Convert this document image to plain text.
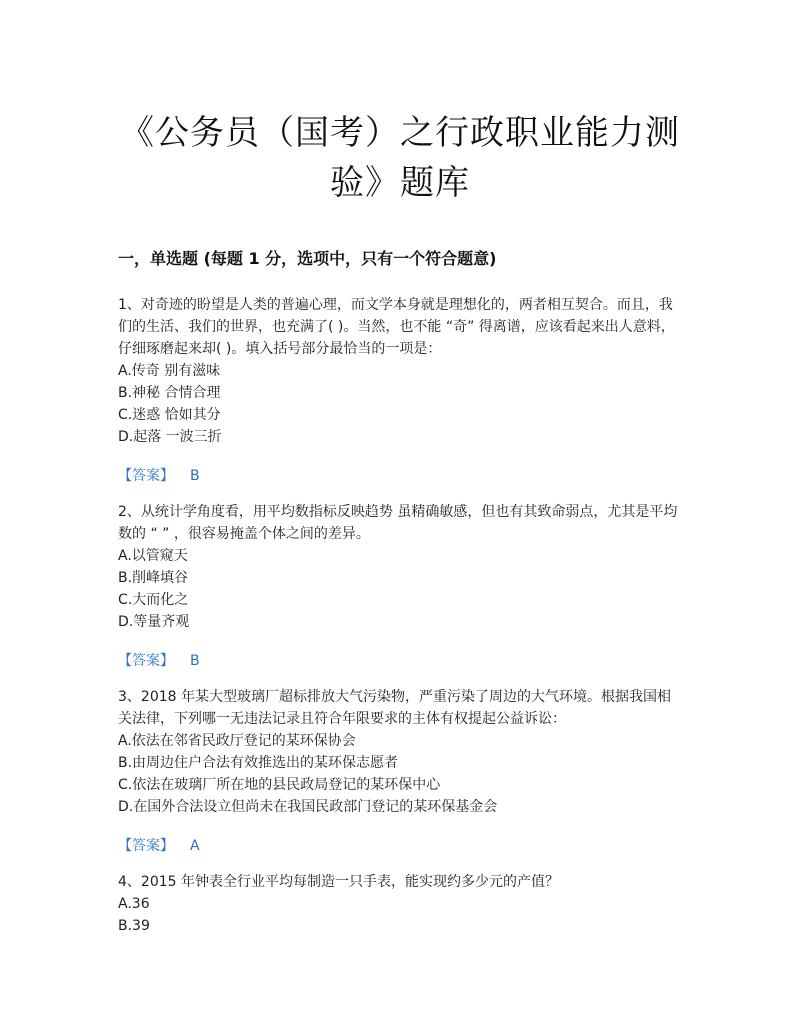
《公务员（国考）之行政职业能力测
验》题库
一，单选题 (每题 1 分，选项中，只有一个符合题意)

1、对奇迹的盼望是人类的普遍心理，而文学本身就是理想化的，两者相互契合。而且，我们的生活、我们的世界，也充满了( )。当然，也不能 “奇” 得离谱，应该看起来出人意料，仔细琢磨起来却( )。填入括号部分最恰当的一项是：

A.传奇 别有滋味

B.神秘 合情合理

C.迷惑 恰如其分

D.起落 一波三折

【答案】 B

2、从统计学角度看，用平均数指标反映趋势 虽精确敏感，但也有其致命弱点，尤其是平均数的 “ ” ，很容易掩盖个体之间的差异。

A.以管窥天

B.削峰填谷

C.大而化之

D.等量齐观

【答案】 B

3、2018 年某大型玻璃厂超标排放大气污染物，严重污染了周边的大气环境。根据我国相关法律，下列哪一无违法记录且符合年限要求的主体有权提起公益诉讼：

A.依法在邻省民政厅登记的某环保协会

B.由周边住户合法有效推选出的某环保志愿者

C.依法在玻璃厂所在地的县民政局登记的某环保中心

D.在国外合法设立但尚未在我国民政部门登记的某环保基金会

【答案】 A

4、2015 年钟表全行业平均每制造一只手表，能实现约多少元的产值？

A.36

B.39
